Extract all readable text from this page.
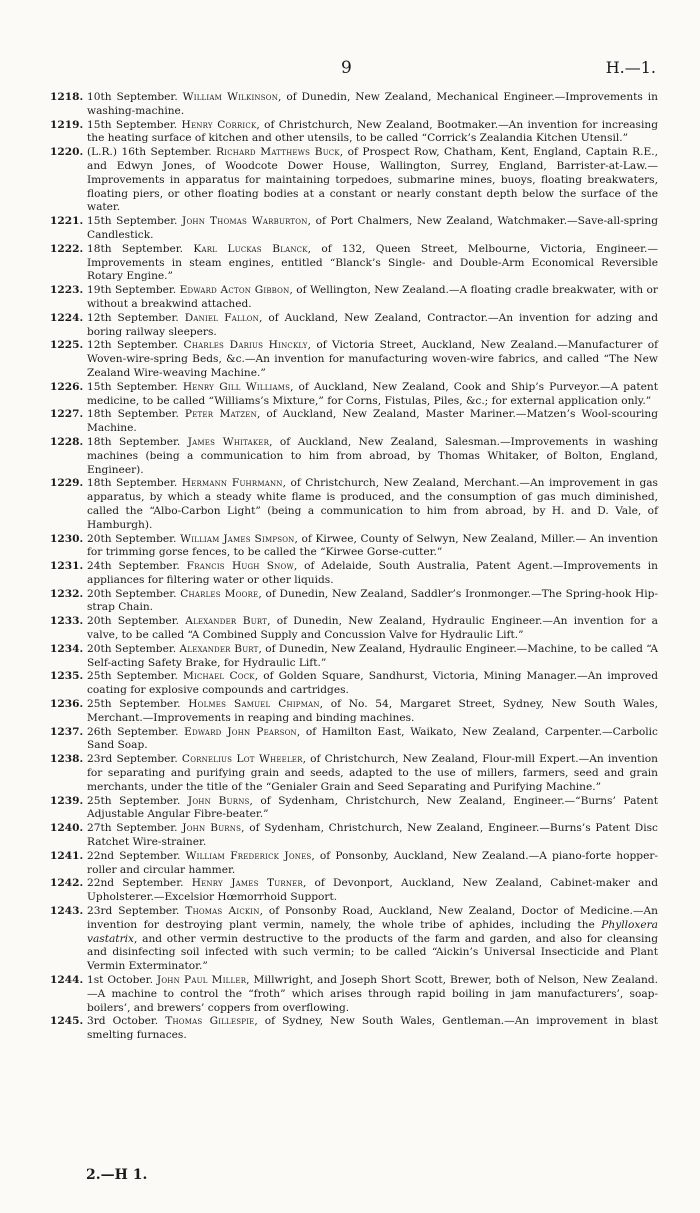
9	H.—1.
1218. 10th September. William Wilkinson, of Dunedin, New Zealand, Mechanical Engineer.—Improvements in washing-machine.
1219. 15th September. Henry Corrick, of Christchurch, New Zealand, Bootmaker.—An invention for increasing the heating surface of kitchen and other utensils, to be called “Corrick’s Zealandia Kitchen Utensil.”
1220. (L.R.) 16th September. Richard Matthews Buck, of Prospect Row, Chatham, Kent, England, Captain R.E., and Edwyn Jones, of Woodcote Dower House, Wallington, Surrey, England, Barrister-at-Law.—Improvements in apparatus for maintaining torpedoes, submarine mines, buoys, floating breakwaters, floating piers, or other floating bodies at a constant or nearly constant depth below the surface of the water.
1221. 15th September. John Thomas Warburton, of Port Chalmers, New Zealand, Watchmaker.—Save-all-spring Candlestick.
1222. 18th September. Karl Luckas Blanck, of 132, Queen Street, Melbourne, Victoria, Engineer.—Improvements in steam engines, entitled “Blanck’s Single- and Double-Arm Economical Reversible Rotary Engine.”
1223. 19th September. Edward Acton Gibbon, of Wellington, New Zealand.—A floating cradle breakwater, with or without a breakwind attached.
1224. 12th September. Daniel Fallon, of Auckland, New Zealand, Contractor.—An invention for adzing and boring railway sleepers.
1225. 12th September. Charles Darius Hinckly, of Victoria Street, Auckland, New Zealand.—Manufacturer of Woven-wire-spring Beds, &c.—An invention for manufacturing woven-wire fabrics, and called “The New Zealand Wire-weaving Machine.”
1226. 15th September. Henry Gill Williams, of Auckland, New Zealand, Cook and Ship’s Purveyor.—A patent medicine, to be called “Williams’s Mixture,” for Corns, Fistulas, Piles, &c.; for external application only.”
1227. 18th September. Peter Matzen, of Auckland, New Zealand, Master Mariner.—Matzen’s Wool-scouring Machine.
1228. 18th September. James Whitaker, of Auckland, New Zealand, Salesman.—Improvements in washing machines (being a communication to him from abroad, by Thomas Whitaker, of Bolton, England, Engineer).
1229. 18th September. Hermann Fuhrmann, of Christchurch, New Zealand, Merchant.—An improvement in gas apparatus, by which a steady white flame is produced, and the consumption of gas much diminished, called the “Albo-Carbon Light” (being a communication to him from abroad, by H. and D. Vale, of Hamburgh).
1230. 20th September. William James Simpson, of Kirwee, County of Selwyn, New Zealand, Miller.— An invention for trimming gorse fences, to be called the “Kirwee Gorse-cutter.”
1231. 24th September. Francis Hugh Snow, of Adelaide, South Australia, Patent Agent.—Improvements in appliances for filtering water or other liquids.
1232. 20th September. Charles Moore, of Dunedin, New Zealand, Saddler’s Ironmonger.—The Spring-hook Hip-strap Chain.
1233. 20th September. Alexander Burt, of Dunedin, New Zealand, Hydraulic Engineer.—An invention for a valve, to be called “A Combined Supply and Concussion Valve for Hydraulic Lift.”
1234. 20th September. Alexander Burt, of Dunedin, New Zealand, Hydraulic Engineer.—Machine, to be called “A Self-acting Safety Brake, for Hydraulic Lift.”
1235. 25th September. Michael Cock, of Golden Square, Sandhurst, Victoria, Mining Manager.—An improved coating for explosive compounds and cartridges.
1236. 25th September. Holmes Samuel Chipman, of No. 54, Margaret Street, Sydney, New South Wales, Merchant.—Improvements in reaping and binding machines.
1237. 26th September. Edward John Pearson, of Hamilton East, Waikato, New Zealand, Carpenter.—Carbolic Sand Soap.
1238. 23rd September. Cornelius Lot Wheeler, of Christchurch, New Zealand, Flour-mill Expert.—An invention for separating and purifying grain and seeds, adapted to the use of millers, farmers, seed and grain merchants, under the title of the “Genialer Grain and Seed Separating and Purifying Machine.”
1239. 25th September. John Burns, of Sydenham, Christchurch, New Zealand, Engineer.—“Burns’ Patent Adjustable Angular Fibre-beater.”
1240. 27th September. John Burns, of Sydenham, Christchurch, New Zealand, Engineer.—Burns’s Patent Disc Ratchet Wire-strainer.
1241. 22nd September. William Frederick Jones, of Ponsonby, Auckland, New Zealand.—A piano-forte hopper-roller and circular hammer.
1242. 22nd September. Henry James Turner, of Devonport, Auckland, New Zealand, Cabinet-maker and Upholsterer.—Excelsior Hœmorrhoid Support.
1243. 23rd September. Thomas Aickin, of Ponsonby Road, Auckland, New Zealand, Doctor of Medicine.—An invention for destroying plant vermin, namely, the whole tribe of aphides, including the Phylloxera vastatrix, and other vermin destructive to the products of the farm and garden, and also for cleansing and disinfecting soil infected with such vermin; to be called “Aickin’s Universal Insecticide and Plant Vermin Exterminator.”
1244. 1st October. John Paul Miller, Millwright, and Joseph Short Scott, Brewer, both of Nelson, New Zealand.—A machine to control the “froth” which arises through rapid boiling in jam manufacturers’, soap-boilers’, and brewers’ coppers from overflowing.
1245. 3rd October. Thomas Gillespie, of Sydney, New South Wales, Gentleman.—An improvement in blast smelting furnaces.
2.—H 1.
